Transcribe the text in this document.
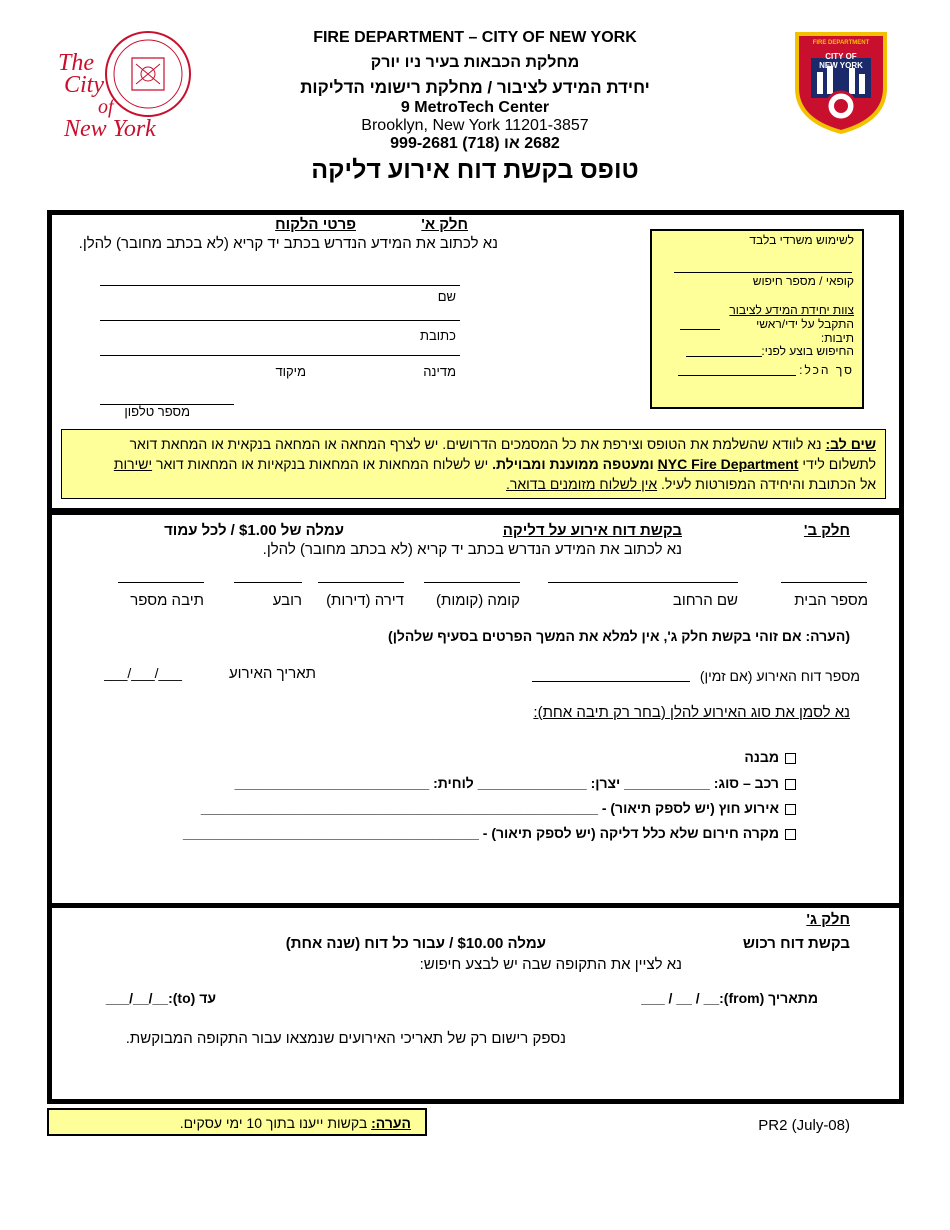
The
City
of
New York
FIRE DEPARTMENT
CITY OF
NEW YORK
FIRE DEPARTMENT – CITY OF NEW YORK
מחלקת הכבאות בעיר ניו יורק
יחידת המידע לציבור / מחלקת רישומי הדליקות
9 MetroTech Center
Brooklyn, New York 11201-3857
2682 או (718) 999-2681
טופס בקשת דוח אירוע דליקה
חלק א'
פרטי הלקוח
נא לכתוב את המידע הנדרש בכתב יד קריא (לא בכתב מחובר) להלן.
שם
כתובת
מדינה
מיקוד
מספר טלפון
לשימוש משרדי בלבד
קופאי / מספר חיפוש
צוות יחידת המידע לציבור
התקבל על ידי/ראשי תיבות:
החיפוש בוצע לפני:
סך הכל:
שים לב: נא לוודא שהשלמת את הטופס וצירפת את כל המסמכים הדרושים. יש לצרף המחאה או המחאה בנקאית או המחאת דואר
לתשלום לידי NYC Fire Department ומעטפה ממוענת ומבוילת. יש לשלוח המחאות או המחאות בנקאיות או המחאות דואר ישירות
אל הכתובת והיחידה המפורטות לעיל. אין לשלוח מזומנים בדואר.
חלק ב'
בקשת דוח אירוע על דליקה
עמלה של $1.00 / לכל עמוד
נא לכתוב את המידע הנדרש בכתב יד קריא (לא בכתב מחובר) להלן.
מספר הבית
שם הרחוב
קומה (קומות)
דירה (דירות)
רובע
תיבה מספר
(הערה: אם זוהי בקשת חלק ג', אין למלא את המשך הפרטים בסעיף שלהלן)
מספר דוח האירוע (אם זמין)
תאריך האירוע
___/___/___
נא לסמן את סוג האירוע להלן (בחר רק תיבה אחת):
מבנה
רכב – סוג: ___________ יצרן: ______________ לוחית: _________________________
אירוע חוץ (יש לספק תיאור) - ___________________________________________________
מקרה חירום שלא כלל דליקה (יש לספק תיאור) - ______________________________________
חלק ג'
בקשת דוח רכוש
עמלה $10.00 / עבור כל דוח (שנה אחת)
נא לציין את התקופה שבה יש לבצע חיפוש:
מתאריך (from):__ / __ / ___
עד (to):__/__/___
נספק רישום רק של תאריכי האירועים שנמצאו עבור התקופה המבוקשת.
הערה: בקשות ייענו בתוך 10 ימי עסקים.	PR2 (July-08)
